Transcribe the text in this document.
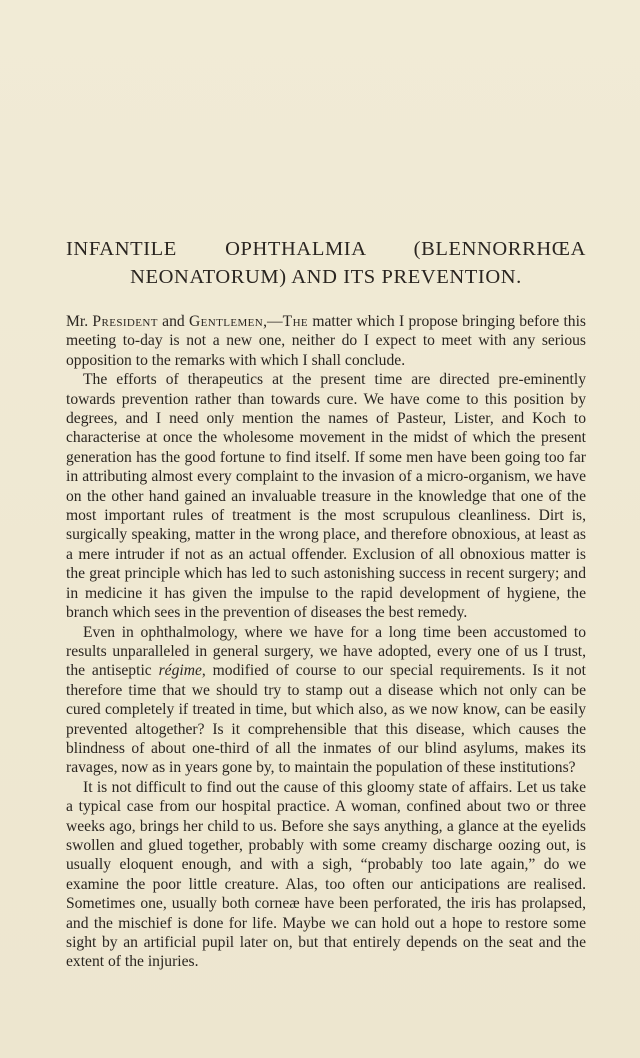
INFANTILE OPHTHALMIA (BLENNORRHŒA
NEONATORUM) AND ITS PREVENTION.

Mr. President and Gentlemen,—The matter which I propose bringing before this meeting to-day is not a new one, neither do I expect to meet with any serious opposition to the remarks with which I shall conclude.

The efforts of therapeutics at the present time are directed pre-eminently towards prevention rather than towards cure. We have come to this position by degrees, and I need only mention the names of Pasteur, Lister, and Koch to characterise at once the wholesome movement in the midst of which the present generation has the good fortune to find itself. If some men have been going too far in attributing almost every complaint to the invasion of a micro-organism, we have on the other hand gained an invaluable treasure in the knowledge that one of the most important rules of treatment is the most scrupulous cleanliness. Dirt is, surgically speaking, matter in the wrong place, and therefore obnoxious, at least as a mere intruder if not as an actual offender. Exclusion of all obnoxious matter is the great principle which has led to such astonishing success in recent surgery; and in medicine it has given the impulse to the rapid development of hygiene, the branch which sees in the prevention of diseases the best remedy.

Even in ophthalmology, where we have for a long time been accustomed to results unparalleled in general surgery, we have adopted, every one of us I trust, the antiseptic régime, modified of course to our special requirements. Is it not therefore time that we should try to stamp out a disease which not only can be cured completely if treated in time, but which also, as we now know, can be easily prevented altogether? Is it comprehensible that this disease, which causes the blindness of about one-third of all the inmates of our blind asylums, makes its ravages, now as in years gone by, to maintain the population of these institutions?

It is not difficult to find out the cause of this gloomy state of affairs. Let us take a typical case from our hospital practice. A woman, confined about two or three weeks ago, brings her child to us. Before she says anything, a glance at the eyelids swollen and glued together, probably with some creamy discharge oozing out, is usually eloquent enough, and with a sigh, “probably too late again,” do we examine the poor little creature. Alas, too often our anticipations are realised. Sometimes one, usually both corneæ have been perforated, the iris has prolapsed, and the mischief is done for life. Maybe we can hold out a hope to restore some sight by an artificial pupil later on, but that entirely depends on the seat and the extent of the injuries.
